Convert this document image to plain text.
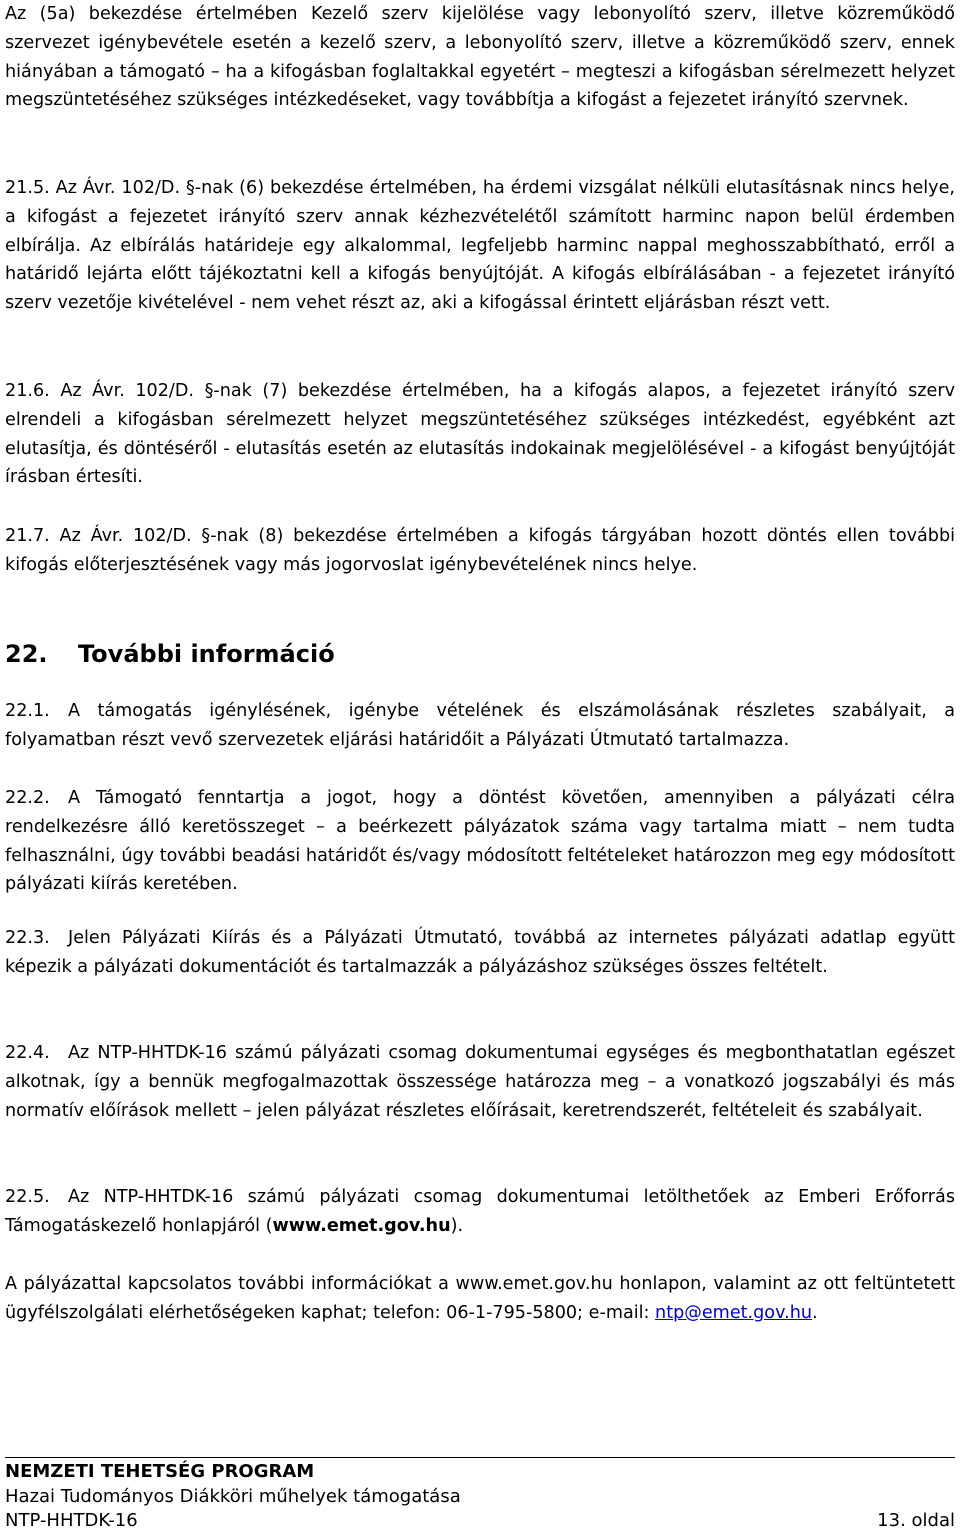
Az (5a) bekezdése értelmében Kezelő szerv kijelölése vagy lebonyolító szerv, illetve közreműködő szervezet igénybevétele esetén a kezelő szerv, a lebonyolító szerv, illetve a közreműködő szerv, ennek hiányában a támogató – ha a kifogásban foglaltakkal egyetért – megteszi a kifogásban sérelmezett helyzet megszüntetéséhez szükséges intézkedéseket, vagy továbbítja a kifogást a fejezetet irányító szervnek.

21.5. Az Ávr. 102/D. §-nak (6) bekezdése értelmében, ha érdemi vizsgálat nélküli elutasításnak nincs helye, a kifogást a fejezetet irányító szerv annak kézhezvételétől számított harminc napon belül érdemben elbírálja. Az elbírálás határideje egy alkalommal, legfeljebb harminc nappal meghosszabbítható, erről a határidő lejárta előtt tájékoztatni kell a kifogás benyújtóját. A kifogás elbírálásában - a fejezetet irányító szerv vezetője kivételével - nem vehet részt az, aki a kifogással érintett eljárásban részt vett.

21.6. Az Ávr. 102/D. §-nak (7) bekezdése értelmében, ha a kifogás alapos, a fejezetet irányító szerv elrendeli a kifogásban sérelmezett helyzet megszüntetéséhez szükséges intézkedést, egyébként azt elutasítja, és döntéséről - elutasítás esetén az elutasítás indokainak megjelölésével - a kifogást benyújtóját írásban értesíti.

21.7. Az Ávr. 102/D. §-nak (8) bekezdése értelmében a kifogás tárgyában hozott döntés ellen további kifogás előterjesztésének vagy más jogorvoslat igénybevételének nincs helye.

22. További információ

22.1. A támogatás igénylésének, igénybe vételének és elszámolásának részletes szabályait, a folyamatban részt vevő szervezetek eljárási határidőit a Pályázati Útmutató tartalmazza.

22.2. A Támogató fenntartja a jogot, hogy a döntést követően, amennyiben a pályázati célra rendelkezésre álló keretösszeget – a beérkezett pályázatok száma vagy tartalma miatt – nem tudta felhasználni, úgy további beadási határidőt és/vagy módosított feltételeket határozzon meg egy módosított pályázati kiírás keretében.

22.3. Jelen Pályázati Kiírás és a Pályázati Útmutató, továbbá az internetes pályázati adatlap együtt képezik a pályázati dokumentációt és tartalmazzák a pályázáshoz szükséges összes feltételt.

22.4. Az NTP-HHTDK-16 számú pályázati csomag dokumentumai egységes és megbonthatatlan egészet alkotnak, így a bennük megfogalmazottak összessége határozza meg – a vonatkozó jogszabályi és más normatív előírások mellett – jelen pályázat részletes előírásait, keretrendszerét, feltételeit és szabályait.

22.5. Az NTP-HHTDK-16 számú pályázati csomag dokumentumai letölthetőek az Emberi Erőforrás Támogatáskezelő honlapjáról (www.emet.gov.hu).

A pályázattal kapcsolatos további információkat a www.emet.gov.hu honlapon, valamint az ott feltüntetett ügyfélszolgálati elérhetőségeken kaphat; telefon: 06-1-795-5800; e-mail: ntp@emet.gov.hu.

NEMZETI TEHETSÉG PROGRAM
Hazai Tudományos Diákköri műhelyek támogatása
NTP-HHTDK-16	13. oldal
